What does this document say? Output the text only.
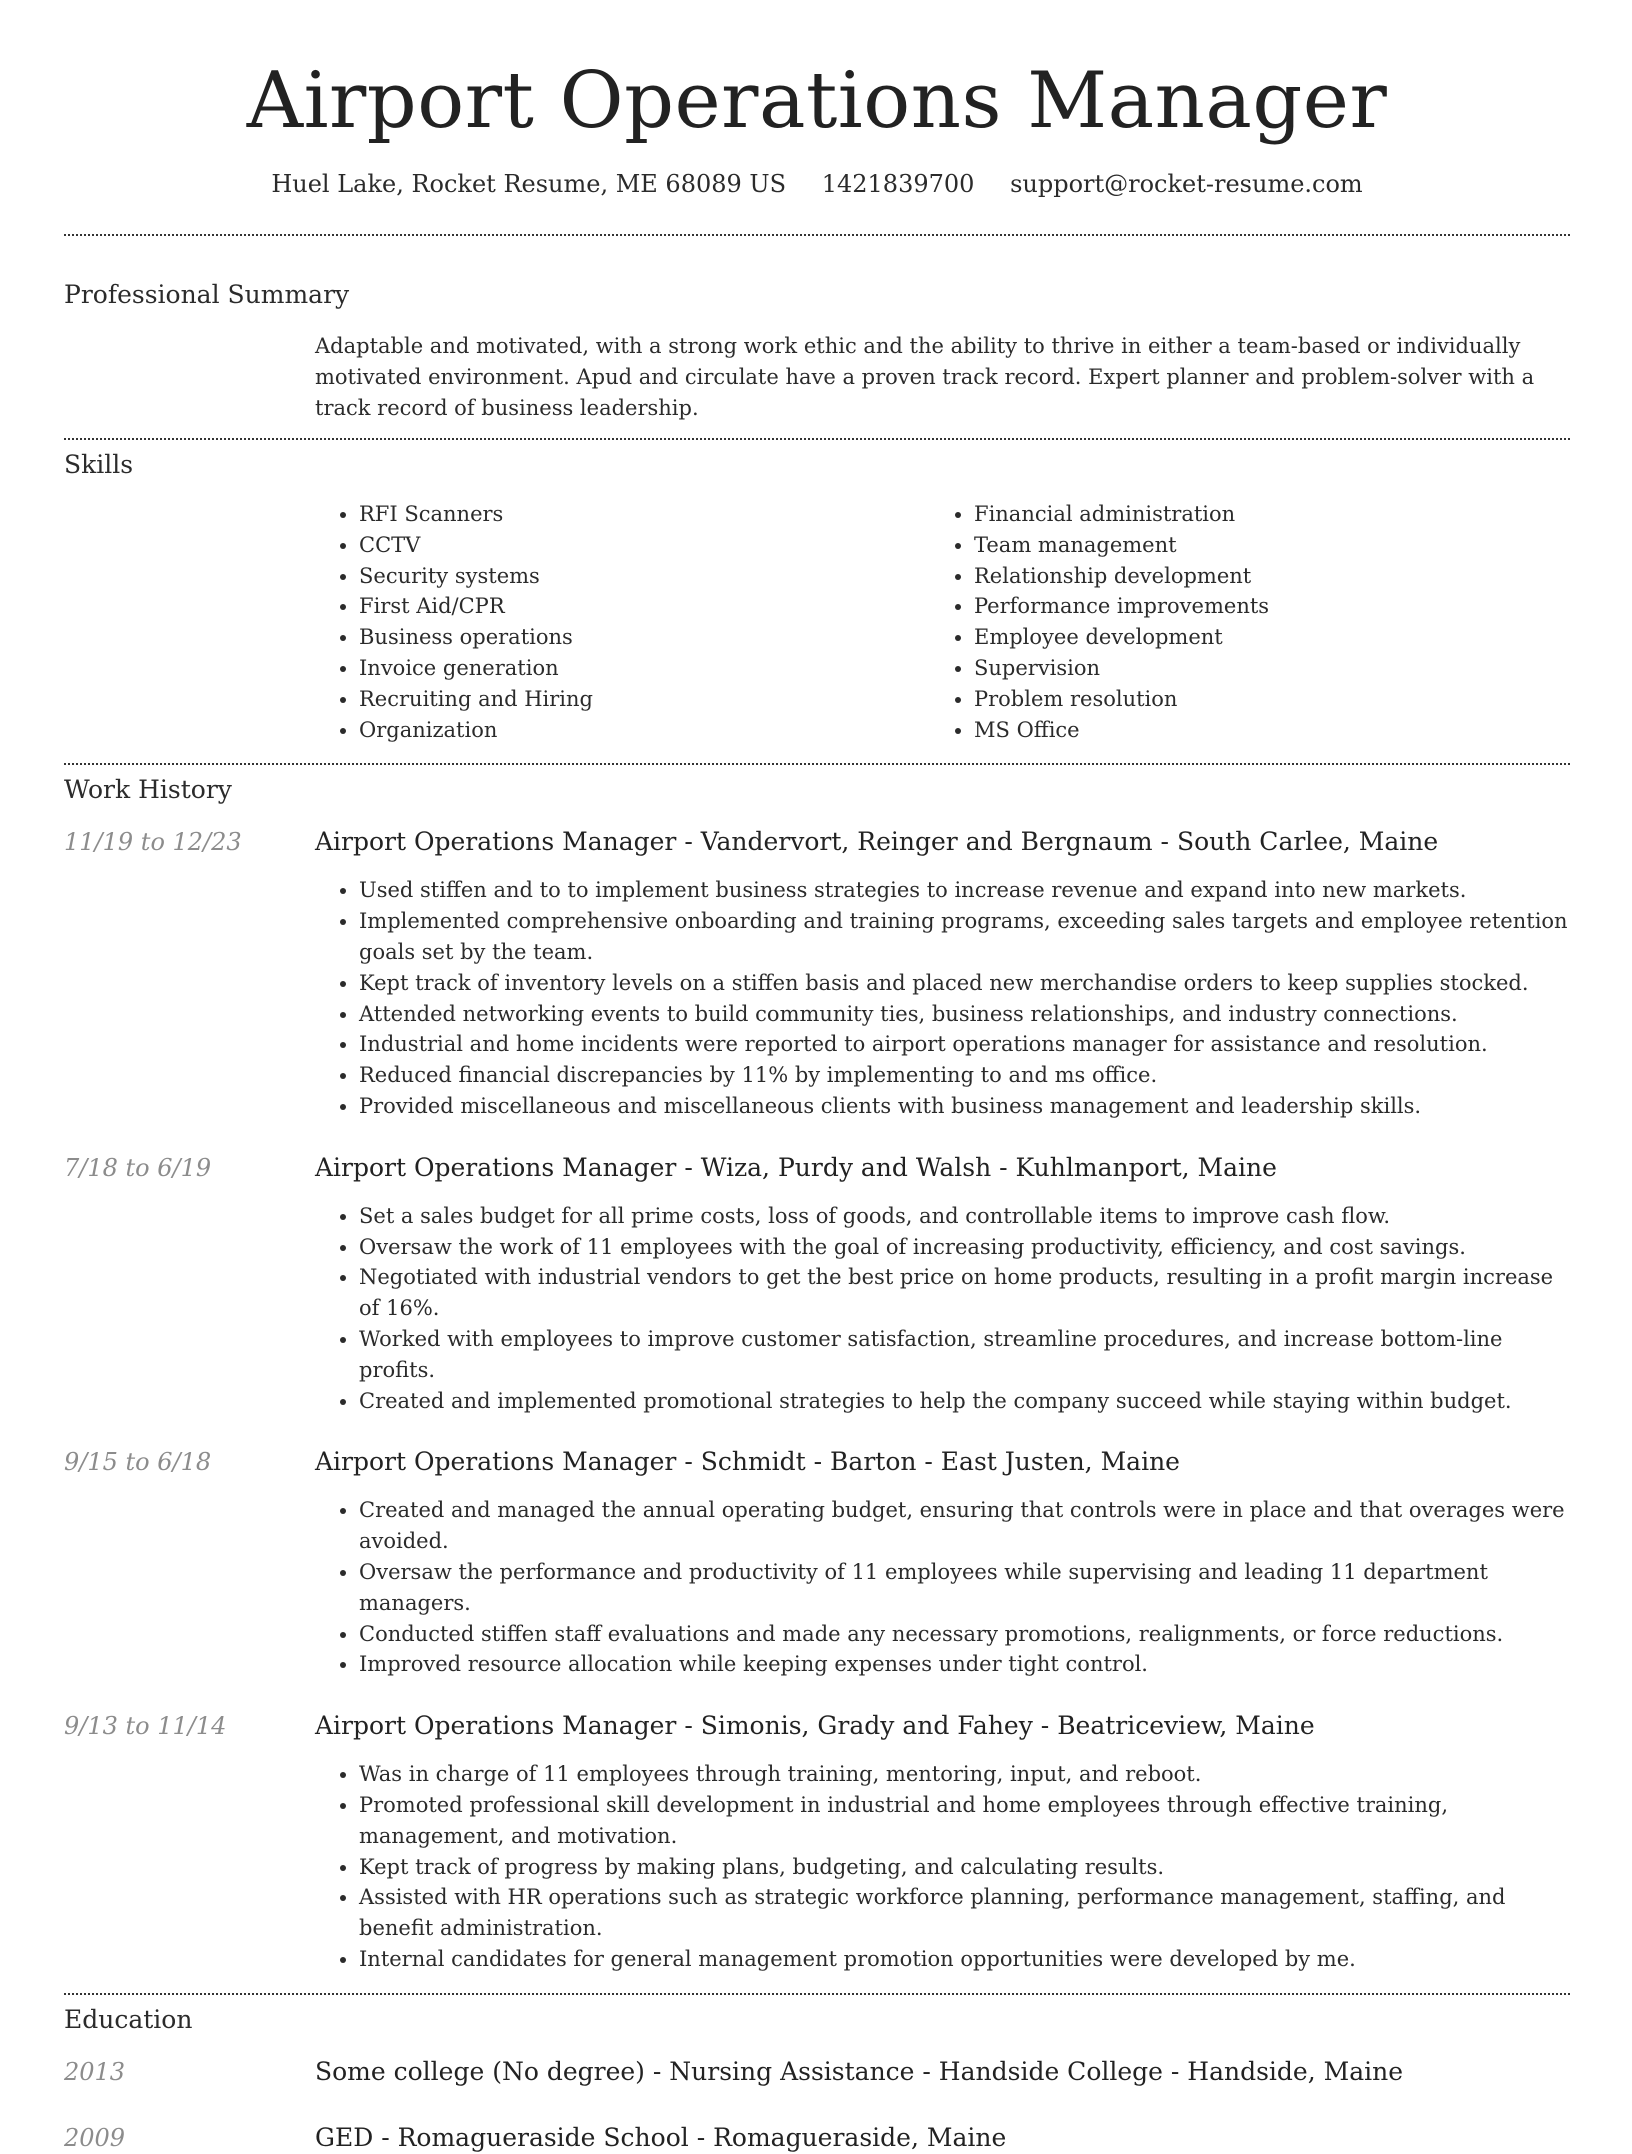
Airport Operations Manager
Huel Lake, Rocket Resume, ME 68089 US 1421839700 support@rocket-resume.com
Professional Summary

Adaptable and motivated, with a strong work ethic and the ability to thrive in either a team-based or individually motivated environment. Apud and circulate have a proven track record. Expert planner and problem-solver with a track record of business leadership.

Skills
• RFI Scanners
• CCTV
• Security systems
• First Aid/CPR
• Business operations
• Invoice generation
• Recruiting and Hiring
• Organization
• Financial administration
• Team management
• Relationship development
• Performance improvements
• Employee development
• Supervision
• Problem resolution
• MS Office
Work History
11/19 to 12/23	Airport Operations Manager - Vandervort, Reinger and Bergnaum - South Carlee, Maine
• Used stiffen and to to implement business strategies to increase revenue and expand into new markets.
• Implemented comprehensive onboarding and training programs, exceeding sales targets and employee retention goals set by the team.
• Kept track of inventory levels on a stiffen basis and placed new merchandise orders to keep supplies stocked.
• Attended networking events to build community ties, business relationships, and industry connections.
• Industrial and home incidents were reported to airport operations manager for assistance and resolution.
• Reduced financial discrepancies by 11% by implementing to and ms office.
• Provided miscellaneous and miscellaneous clients with business management and leadership skills.
7/18 to 6/19	Airport Operations Manager - Wiza, Purdy and Walsh - Kuhlmanport, Maine
• Set a sales budget for all prime costs, loss of goods, and controllable items to improve cash flow.
• Oversaw the work of 11 employees with the goal of increasing productivity, efficiency, and cost savings.
• Negotiated with industrial vendors to get the best price on home products, resulting in a profit margin increase of 16%.
• Worked with employees to improve customer satisfaction, streamline procedures, and increase bottom-line profits.
• Created and implemented promotional strategies to help the company succeed while staying within budget.
9/15 to 6/18	Airport Operations Manager - Schmidt - Barton - East Justen, Maine
• Created and managed the annual operating budget, ensuring that controls were in place and that overages were avoided.
• Oversaw the performance and productivity of 11 employees while supervising and leading 11 department managers.
• Conducted stiffen staff evaluations and made any necessary promotions, realignments, or force reductions.
• Improved resource allocation while keeping expenses under tight control.
9/13 to 11/14	Airport Operations Manager - Simonis, Grady and Fahey - Beatriceview, Maine
• Was in charge of 11 employees through training, mentoring, input, and reboot.
• Promoted professional skill development in industrial and home employees through effective training, management, and motivation.
• Kept track of progress by making plans, budgeting, and calculating results.
• Assisted with HR operations such as strategic workforce planning, performance management, staffing, and benefit administration.
• Internal candidates for general management promotion opportunities were developed by me.
Education
2013	Some college (No degree) - Nursing Assistance - Handside College - Handside, Maine
2009	GED - Romagueraside School - Romagueraside, Maine
